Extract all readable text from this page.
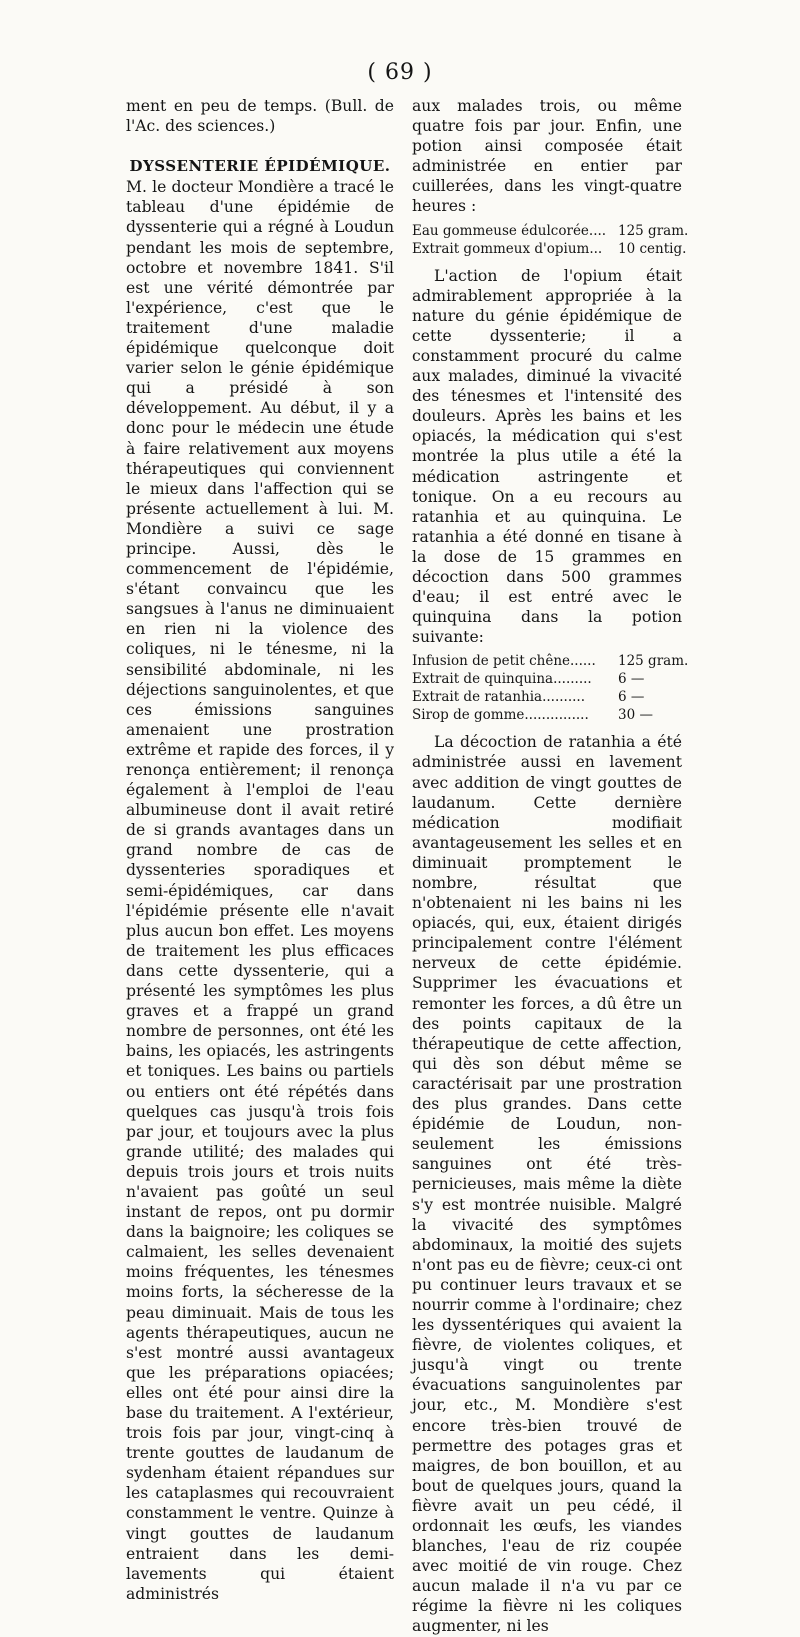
( 69 )

ment en peu de temps. (Bull. de l'Ac. des sciences.)

DYSSENTERIE ÉPIDÉMIQUE.

M. le docteur Mondière a tracé le tableau d'une épidémie de dyssenterie qui a régné à Loudun pendant les mois de septembre, octobre et novembre 1841. S'il est une vérité démontrée par l'expérience, c'est que le traitement d'une maladie épidémique quelconque doit varier selon le génie épidémique qui a présidé à son développement. Au début, il y a donc pour le médecin une étude à faire relativement aux moyens thérapeutiques qui conviennent le mieux dans l'affection qui se présente actuellement à lui. M. Mondière a suivi ce sage principe. Aussi, dès le commencement de l'épidémie, s'étant convaincu que les sangsues à l'anus ne diminuaient en rien ni la violence des coliques, ni le ténesme, ni la sensibilité abdominale, ni les déjections sanguinolentes, et que ces émissions sanguines amenaient une prostration extrême et rapide des forces, il y renonça entièrement; il renonça également à l'emploi de l'eau albumineuse dont il avait retiré de si grands avantages dans un grand nombre de cas de dyssenteries sporadiques et semi-épidémiques, car dans l'épidémie présente elle n'avait plus aucun bon effet. Les moyens de traitement les plus efficaces dans cette dyssenterie, qui a présenté les symptômes les plus graves et a frappé un grand nombre de personnes, ont été les bains, les opiacés, les astringents et toniques. Les bains ou partiels ou entiers ont été répétés dans quelques cas jusqu'à trois fois par jour, et toujours avec la plus grande utilité; des malades qui depuis trois jours et trois nuits n'avaient pas goûté un seul instant de repos, ont pu dormir dans la baignoire; les coliques se calmaient, les selles devenaient moins fréquentes, les ténesmes moins forts, la sécheresse de la peau diminuait. Mais de tous les agents thérapeutiques, aucun ne s'est montré aussi avantageux que les préparations opiacées; elles ont été pour ainsi dire la base du traitement. A l'extérieur, trois fois par jour, vingt-cinq à trente gouttes de laudanum de sydenham étaient répandues sur les cataplasmes qui recouvraient constamment le ventre. Quinze à vingt gouttes de laudanum entraient dans les demi-lavements qui étaient administrés

aux malades trois, ou même quatre fois par jour. Enfin, une potion ainsi composée était administrée en entier par cuillerées, dans les vingt-quatre heures :

Eau gommeuse édulcorée.... 125 gram.
Extrait gommeux d'opium...	10 centig.

L'action de l'opium était admirablement appropriée à la nature du génie épidémique de cette dyssenterie; il a constamment procuré du calme aux malades, diminué la vivacité des ténesmes et l'intensité des douleurs. Après les bains et les opiacés, la médication qui s'est montrée la plus utile a été la médication astringente et tonique. On a eu recours au ratanhia et au quinquina. Le ratanhia a été donné en tisane à la dose de 15 grammes en décoction dans 500 grammes d'eau; il est entré avec le quinquina dans la potion suivante:

Infusion de petit chêne......	125 gram.
Extrait de quinquina.........	6 —
Extrait de ratanhia..........	6 —
Sirop de gomme...............	30 —

La décoction de ratanhia a été administrée aussi en lavement avec addition de vingt gouttes de laudanum. Cette dernière médication modifiait avantageusement les selles et en diminuait promptement le nombre, résultat que n'obtenaient ni les bains ni les opiacés, qui, eux, étaient dirigés principalement contre l'élément nerveux de cette épidémie. Supprimer les évacuations et remonter les forces, a dû être un des points capitaux de la thérapeutique de cette affection, qui dès son début même se caractérisait par une prostration des plus grandes. Dans cette épidémie de Loudun, non-seulement les émissions sanguines ont été très-pernicieuses, mais même la diète s'y est montrée nuisible. Malgré la vivacité des symptômes abdominaux, la moitié des sujets n'ont pas eu de fièvre; ceux-ci ont pu continuer leurs travaux et se nourrir comme à l'ordinaire; chez les dyssentériques qui avaient la fièvre, de violentes coliques, et jusqu'à vingt ou trente évacuations sanguinolentes par jour, etc., M. Mondière s'est encore très-bien trouvé de permettre des potages gras et maigres, de bon bouillon, et au bout de quelques jours, quand la fièvre avait un peu cédé, il ordonnait les œufs, les viandes blanches, l'eau de riz coupée avec moitié de vin rouge. Chez aucun malade il n'a vu par ce régime la fièvre ni les coliques augmenter, ni les
